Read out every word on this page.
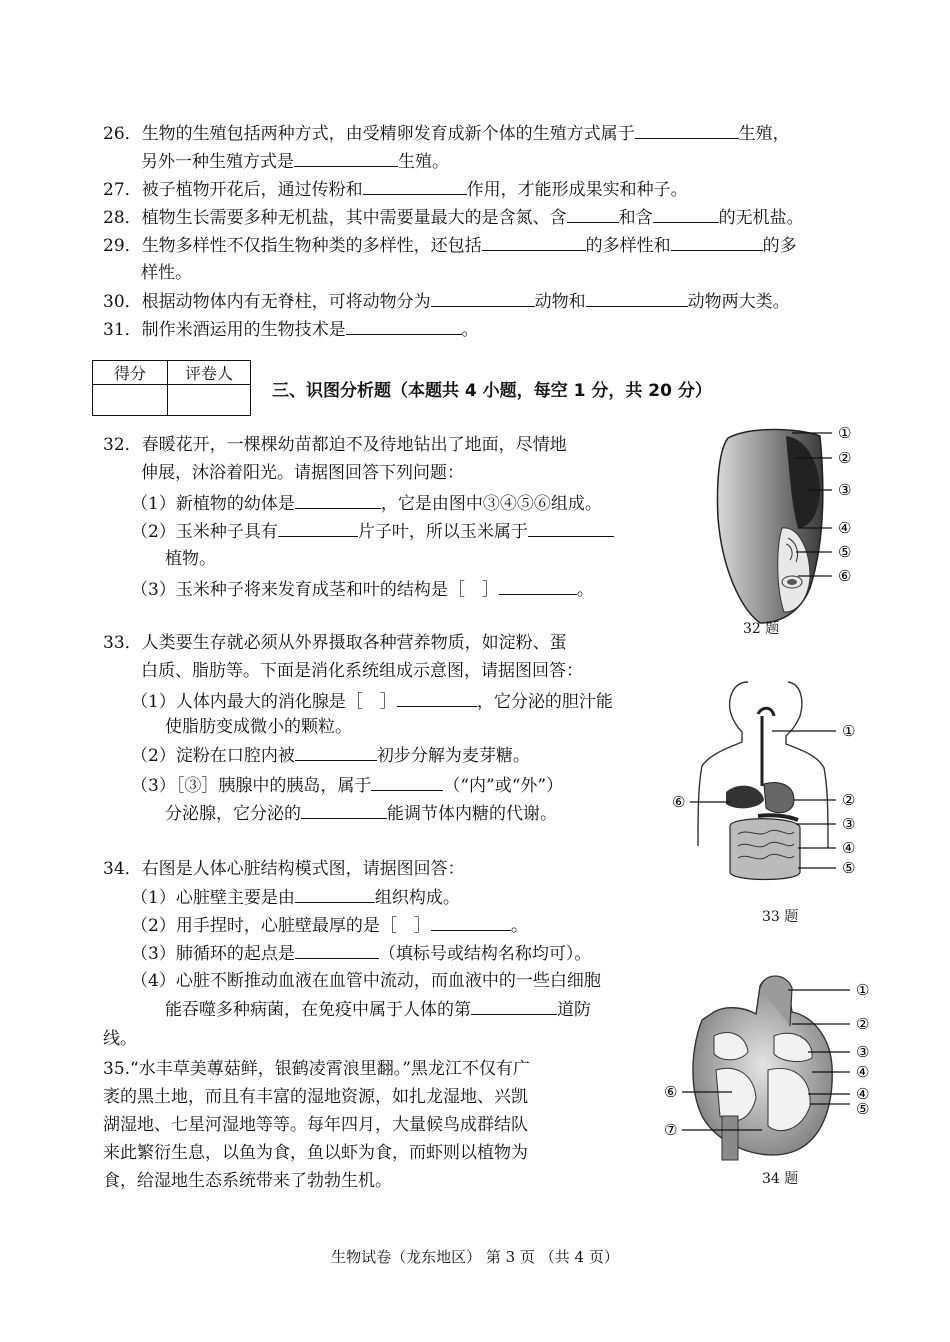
26．生物的生殖包括两种方式，由受精卵发育成新个体的生殖方式属于	生殖，
另外一种生殖方式是	生殖。
27．被子植物开花后，通过传粉和	作用，才能形成果实和种子。
28．植物生长需要多种无机盐，其中需要量最大的是含氮、含	和含	的无机盐。
29．生物多样性不仅指生物种类的多样性，还包括	的多样性和	的多
样性。
30．根据动物体内有无脊柱，可将动物分为	动物和	动物两大类。
31．制作米酒运用的生物技术是	。
得分	评卷人

三、识图分析题（本题共 4 小题，每空 1 分，共 20 分）
32．春暖花开，一棵棵幼苗都迫不及待地钻出了地面，尽情地
伸展，沐浴着阳光。请据图回答下列问题：
（1）新植物的幼体是	，它是由图中③④⑤⑥组成。
（2）玉米种子具有	片子叶，所以玉米属于
植物。
（3）玉米种子将来发育成茎和叶的结构是［　］	。
①
②
③
④
⑤
⑥
32 题
33．人类要生存就必须从外界摄取各种营养物质，如淀粉、蛋
白质、脂肪等。下面是消化系统组成示意图，请据图回答：
（1）人体内最大的消化腺是［　］	，它分泌的胆汁能
使脂肪变成微小的颗粒。
（2）淀粉在口腔内被	初步分解为麦芽糖。
（3）［③］胰腺中的胰岛，属于	（“内”或“外”）
分泌腺，它分泌的	能调节体内糖的代谢。
①
②
③
④
⑤
⑥
33 题
34．右图是人体心脏结构模式图，请据图回答：
（1）心脏壁主要是由	组织构成。
（2）用手捏时，心脏壁最厚的是［　］	。
（3）肺循环的起点是	（填标号或结构名称均可）。
（4）心脏不断推动血液在血管中流动，而血液中的一些白细胞
能吞噬多种病菌，在免疫中属于人体的第	道防
线。
①
②
③
④
④
⑤
⑥
⑦
34 题
35.“水丰草美蓴菇鲜，银鹤凌霄浪里翻。”黑龙江不仅有广
袤的黑土地，而且有丰富的湿地资源，如扎龙湿地、兴凯
湖湿地、七星河湿地等等。每年四月，大量候鸟成群结队
来此繁衍生息，以鱼为食，鱼以虾为食，而虾则以植物为
食，给湿地生态系统带来了勃勃生机。
生物试卷（龙东地区） 第 3 页 （共 4 页）
